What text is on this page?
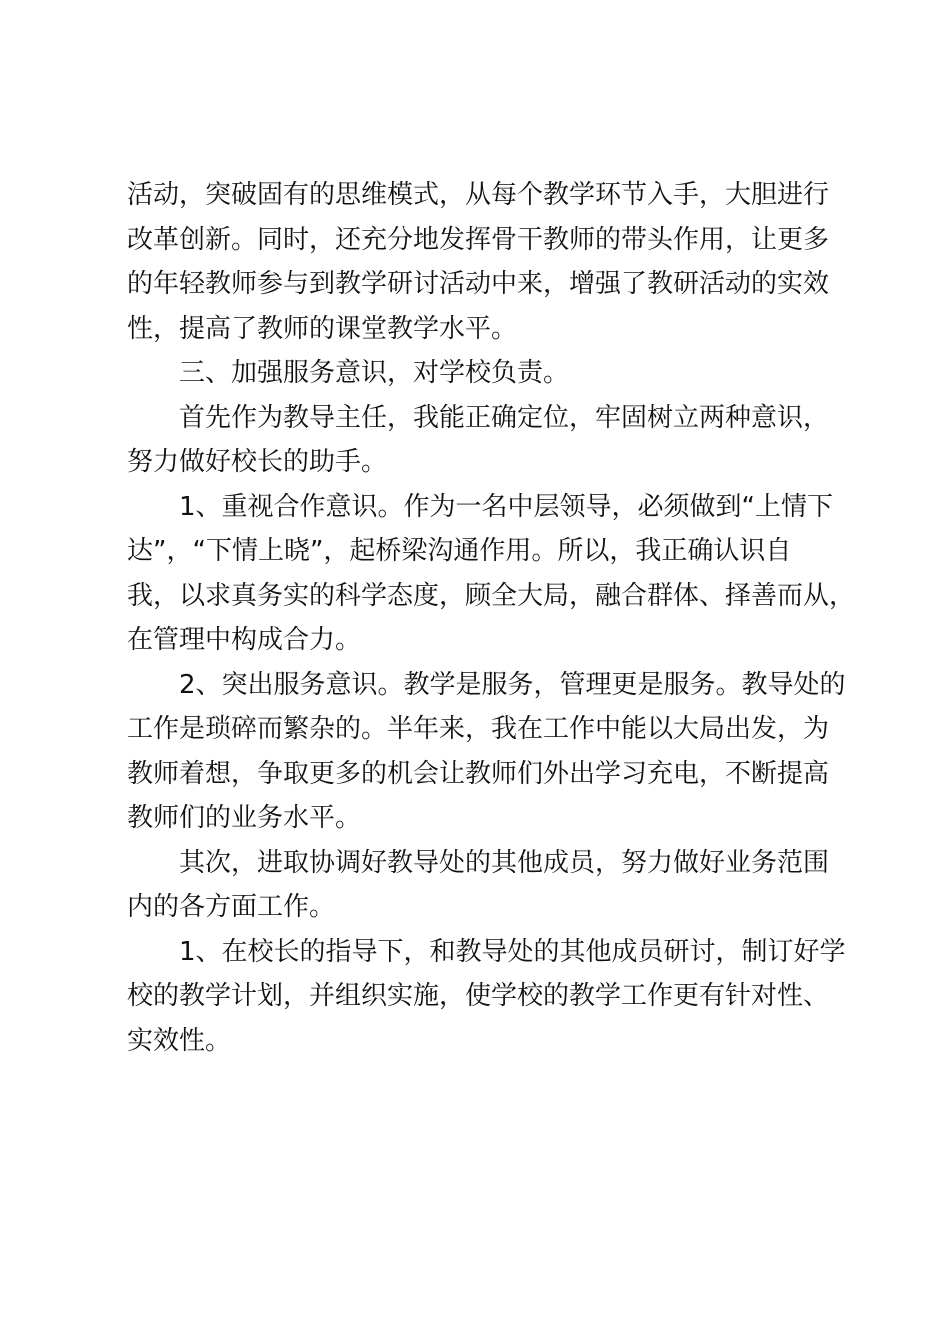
活动，突破固有的思维模式，从每个教学环节入手，大胆进行
改革创新。同时，还充分地发挥骨干教师的带头作用，让更多
的年轻教师参与到教学研讨活动中来，增强了教研活动的实效
性，提高了教师的课堂教学水平。
三、加强服务意识，对学校负责。
首先作为教导主任，我能正确定位，牢固树立两种意识，
努力做好校长的助手。
1、重视合作意识。作为一名中层领导，必须做到“上情下
达”，“下情上晓”，起桥梁沟通作用。所以，我正确认识自
我，以求真务实的科学态度，顾全大局，融合群体、择善而从，
在管理中构成合力。
2、突出服务意识。教学是服务，管理更是服务。教导处的
工作是琐碎而繁杂的。半年来，我在工作中能以大局出发，为
教师着想，争取更多的机会让教师们外出学习充电，不断提高
教师们的业务水平。
其次，进取协调好教导处的其他成员，努力做好业务范围
内的各方面工作。
1、在校长的指导下，和教导处的其他成员研讨，制订好学
校的教学计划，并组织实施，使学校的教学工作更有针对性、
实效性。
